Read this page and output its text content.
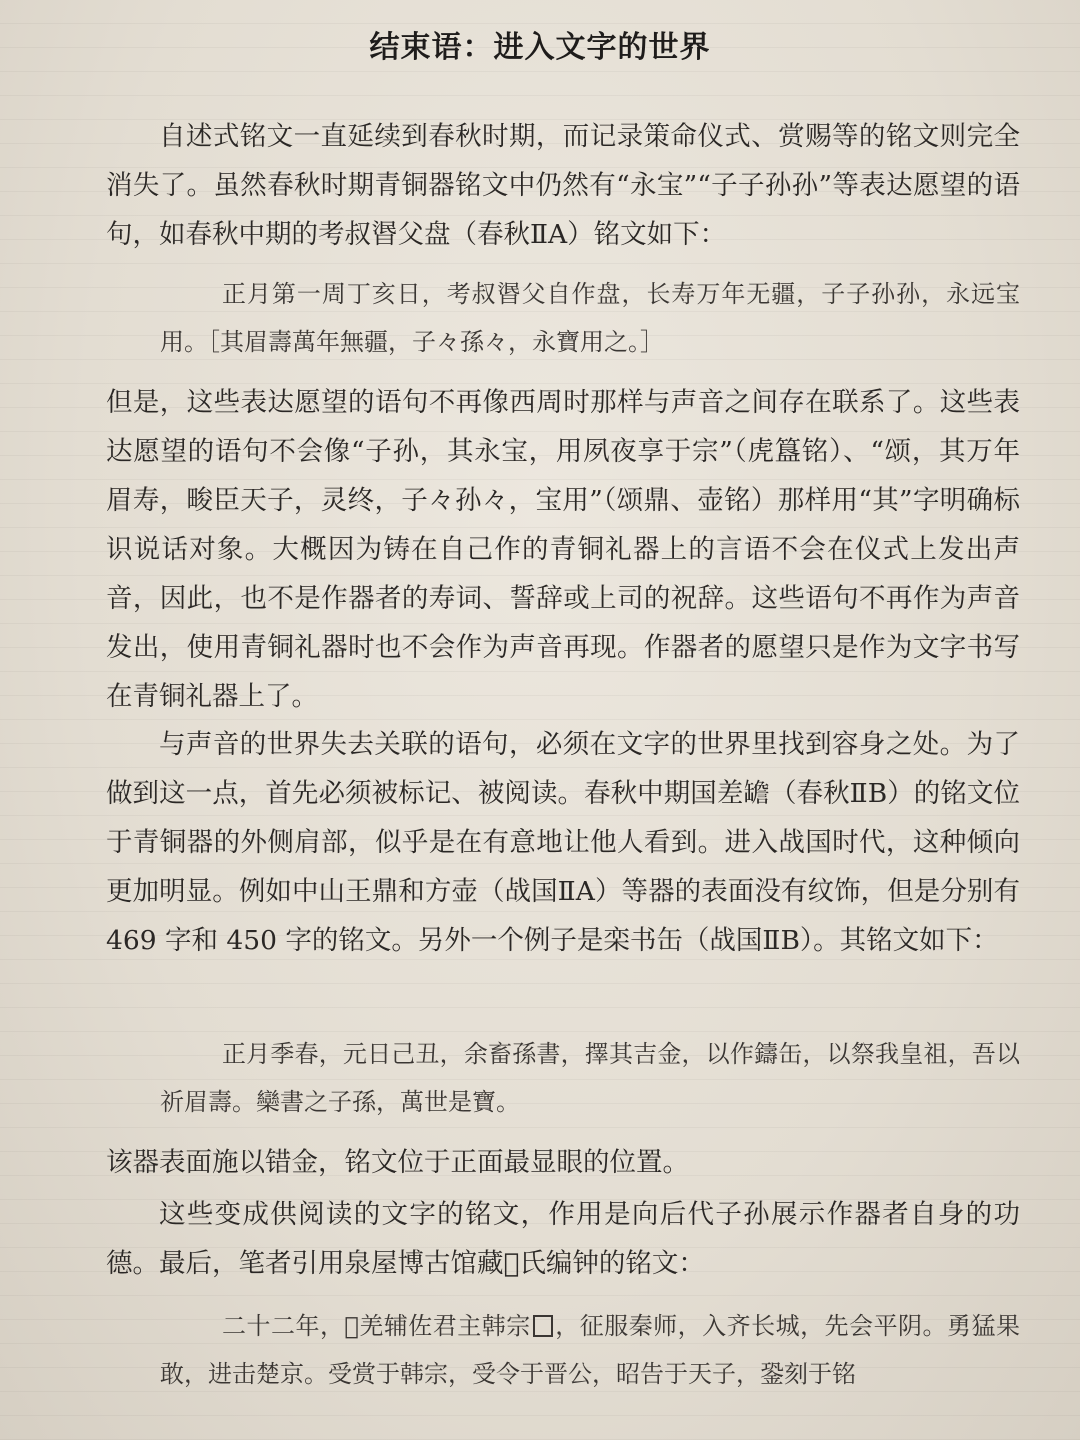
结束语：进入文字的世界

自述式铭文一直延续到春秋时期，而记录策命仪式、赏赐等的铭文则完全消失了。虽然春秋时期青铜器铭文中仍然有“永宝”“子子孙孙”等表达愿望的语句，如春秋中期的考叔𣇹父盘（春秋ⅡA）铭文如下：

正月第一周丁亥日，考叔𣇹父自作盘，长寿万年无疆，子子孙孙，永远宝用。［其眉壽萬年無疆，子々孫々，永寶用之。］

但是，这些表达愿望的语句不再像西周时那样与声音之间存在联系了。这些表达愿望的语句不会像“子孙，其永宝，用夙夜享于宗”（虎簋铭）、“颂，其万年眉寿，畯臣天子，灵终，子々孙々，宝用”（颂鼎、壶铭）那样用“其”字明确标识说话对象。大概因为铸在自己作的青铜礼器上的言语不会在仪式上发出声音，因此，也不是作器者的寿词、誓辞或上司的祝辞。这些语句不再作为声音发出，使用青铜礼器时也不会作为声音再现。作器者的愿望只是作为文字书写在青铜礼器上了。

与声音的世界失去关联的语句，必须在文字的世界里找到容身之处。为了做到这一点，首先必须被标记、被阅读。春秋中期国差𦉜（春秋ⅡB）的铭文位于青铜器的外侧肩部，似乎是在有意地让他人看到。进入战国时代，这种倾向更加明显。例如中山王鼎和方壶（战国ⅡA）等器的表面没有纹饰，但是分别有 469 字和 450 字的铭文。另外一个例子是栾书缶（战国ⅡB）。其铭文如下：

正月季春，元日己丑，余畜孫書，擇其吉金，以作鑄缶，以祭我皇祖，吾以祈眉壽。欒書之子孫，萬世是寶。

该器表面施以错金，铭文位于正面最显眼的位置。

这些变成供阅读的文字的铭文，作用是向后代子孙展示作器者自身的功德。最后，笔者引用泉屋博古馆藏𠫑氏编钟的铭文：

二十二年，𠫑羌辅佐君主韩宗 ，征服秦师，入齐长城，先会平阴。勇猛果敢，进击楚京。受赏于韩宗，受令于晋公，昭告于天子，銎刻于铭
